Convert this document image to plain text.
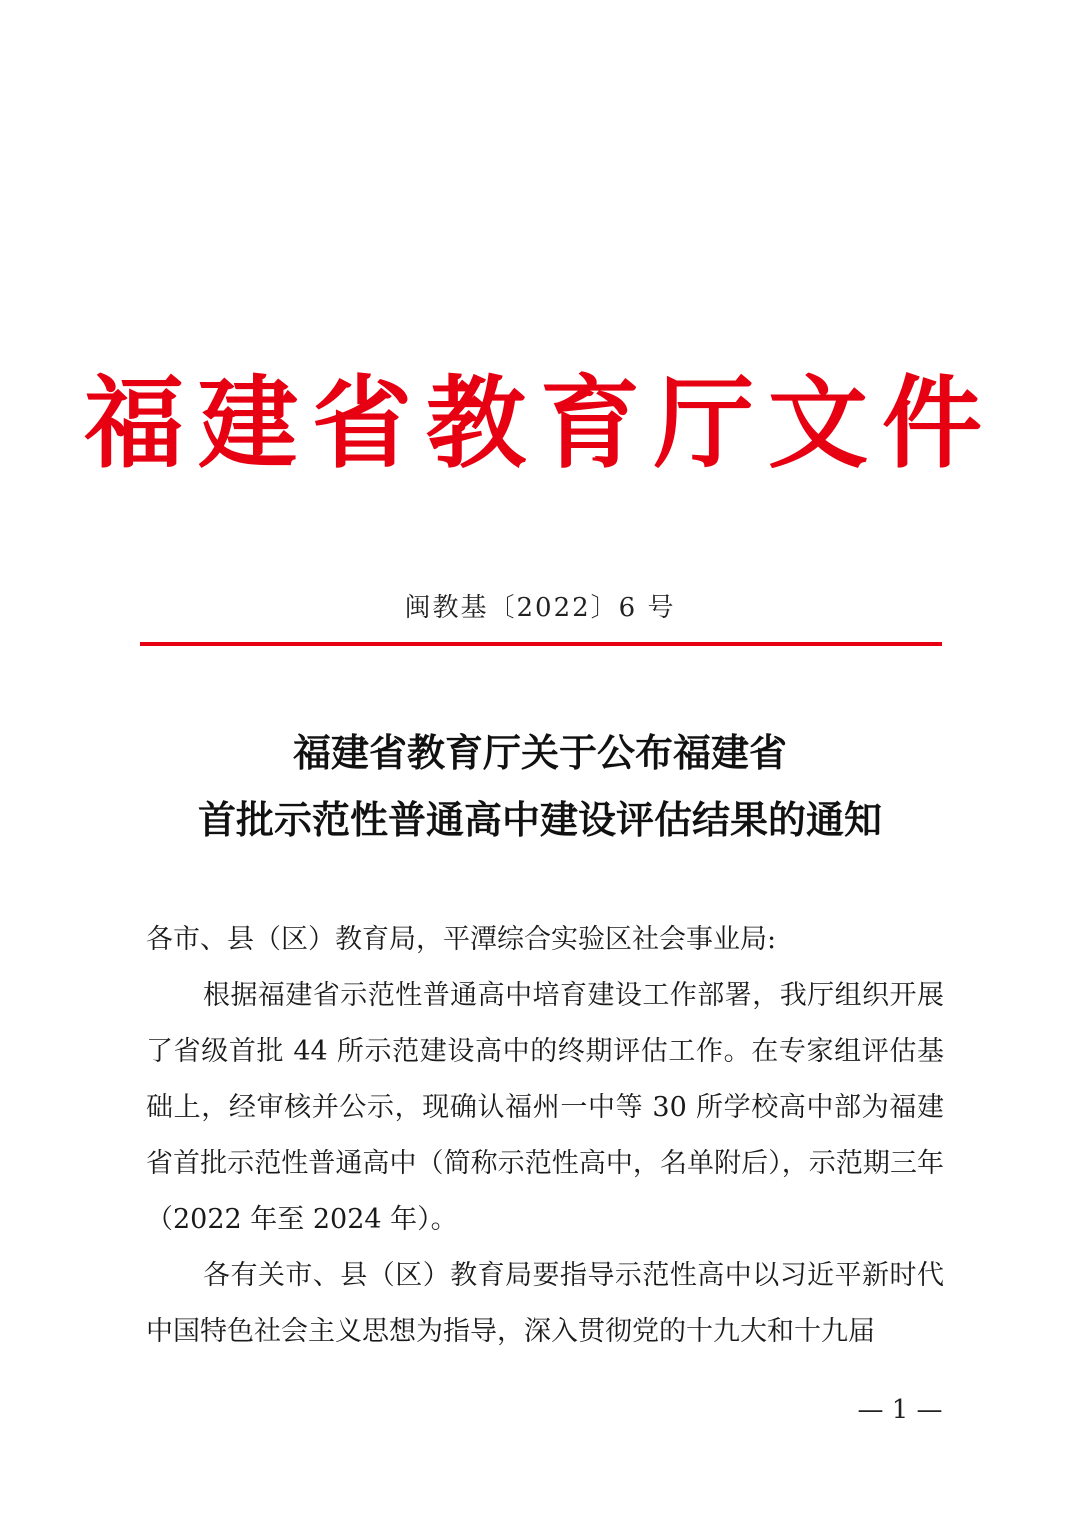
福建省教育厅文件
闽教基〔2022〕6 号
福建省教育厅关于公布福建省
首批示范性普通高中建设评估结果的通知

各市、县（区）教育局，平潭综合实验区社会事业局:

根据福建省示范性普通高中培育建设工作部署，我厅组织开展了省级首批 44 所示范建设高中的终期评估工作。在专家组评估基础上，经审核并公示，现确认福州一中等 30 所学校高中部为福建省首批示范性普通高中（简称示范性高中，名单附后），示范期三年（2022 年至 2024 年）。

各有关市、县（区）教育局要指导示范性高中以习近平新时代中国特色社会主义思想为指导，深入贯彻党的十九大和十九届

— 1 —
